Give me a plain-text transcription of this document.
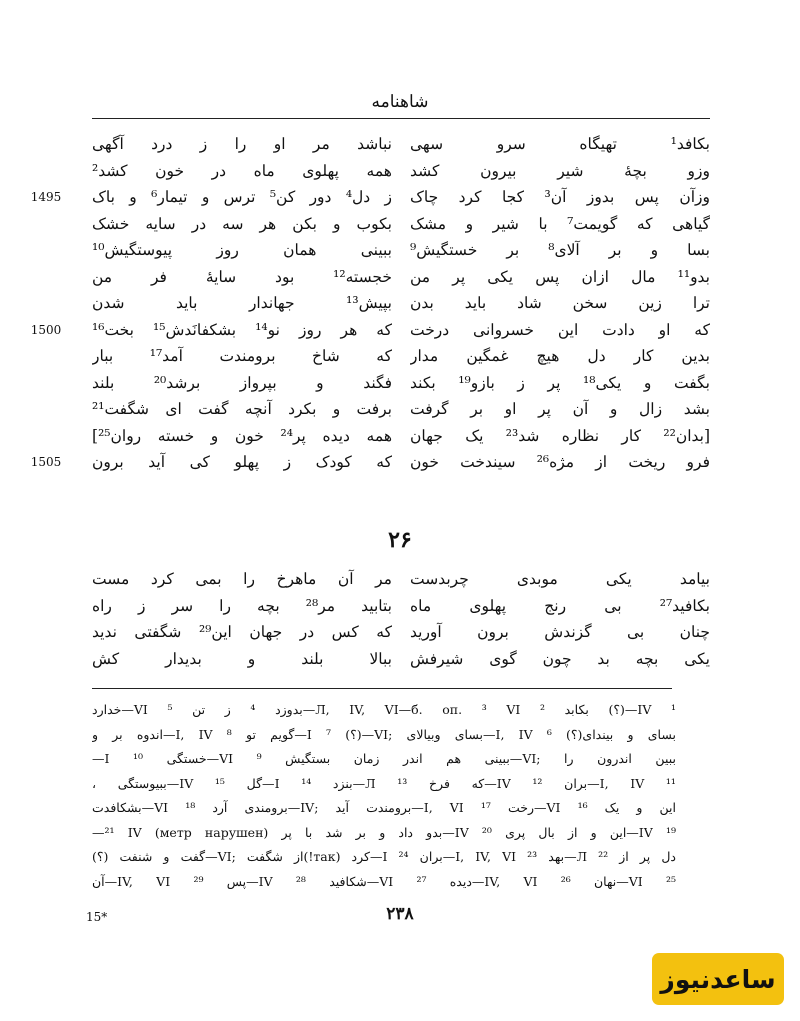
شاهنامه
بکافد¹ تهیگاه سرو سهی
نباشد مر او را ز درد آگهی
وزو بچهٔ شیر بیرون کشد
همه پهلوی ماه در خون کشد²
وزآن پس بدوز آن³ کجا کرد چاک
ز دل⁴ دور کن⁵ ترس و تیمار⁶ و باک
1495
گیاهی که گویمت⁷ با شیر و مشک
بکوب و بکن هر سه در سایه خشک
بسا و بر آلای⁸ بر خستگیش⁹
ببینی همان روز پیوستگیش¹⁰
بدو¹¹ مال ازان پس یکی پر من
خجسته¹² بود سایهٔ فر من
ترا زین سخن شاد باید بدن
بپیش¹³ جهاندار باید شدن
که او دادت این خسروانی درخت
که هر روز نو¹⁴ بشکفانَدش¹⁵ بخت¹⁶
1500
بدین کار دل هیچ غمگین مدار
که شاخ برومندت آمد¹⁷ ببار
بگفت و یکی¹⁸ پر ز بازو¹⁹ بکند
فگند و بپرواز برشد²⁰ بلند
بشد زال و آن پر او بر گرفت
برفت و بکرد آنچه گفت ای شگفت²¹
[بدان²² کار نظاره شد²³ یک جهان
همه دیده پر²⁴ خون و خسته روان²⁵]
فرو ریخت از مژه²⁶ سیندخت خون
که کودک ز پهلو کی آید برون
1505
۲۶
بیامد یکی موبدی چربدست
مر آن ماهرخ را بمی کرد مست
بکافید²⁷ بی رنج پهلوی ماه
بتابید مر²⁸ بچه را سر ز راه
چنان بی گزندش برون آورید
که کس در جهان این²⁹ شگفتی ندید
یکی بچه بد چون گوی شیرفش
ببالا بلند و بدیدار کش
¹ IV—(؟) بکابد ² Л, IV, VI—б. оп. ³ VI—بدوزد ⁴ ز تن ⁵ VI—خدارد
بسای و بیندای(؟) ⁶ I, IV—بسای وبیالای ;VI—(؟) ⁷ I—گویم تو ⁸ I, IV—اندوه بر و
ببین اندرون را ;VI—ببینی هم اندر زمان بستگیش ⁹ VI—خستگی ¹⁰ I—
¹¹ I, IV—بران ¹² IV—که فرخ ¹³ Л—بنزد ¹⁴ I—گل ¹⁵ IV—ببیوستگی ،
این و یک ¹⁶ VI—رخت ¹⁷ I, VI—برومندت آید ;IV—برومندی آرد ¹⁸ VI—بشکافدت
¹⁹ IV—این و از بال پری ²⁰ IV—بدو داد و بر شد با پر (метр нарушен) ²¹ IV—
دل پر از ²² Л—بهد ²³ I, IV, VI—بران ²⁴ I—کرد (так!)از شگفت ;VI—گفت و شنفت (؟)
²⁵ VI—نهان ²⁶ IV, VI—دیده ²⁷ VI—شکافید ²⁸ IV—پس ²⁹ IV, VI—آن
15*	۲۳۸
ساعدنیوز
